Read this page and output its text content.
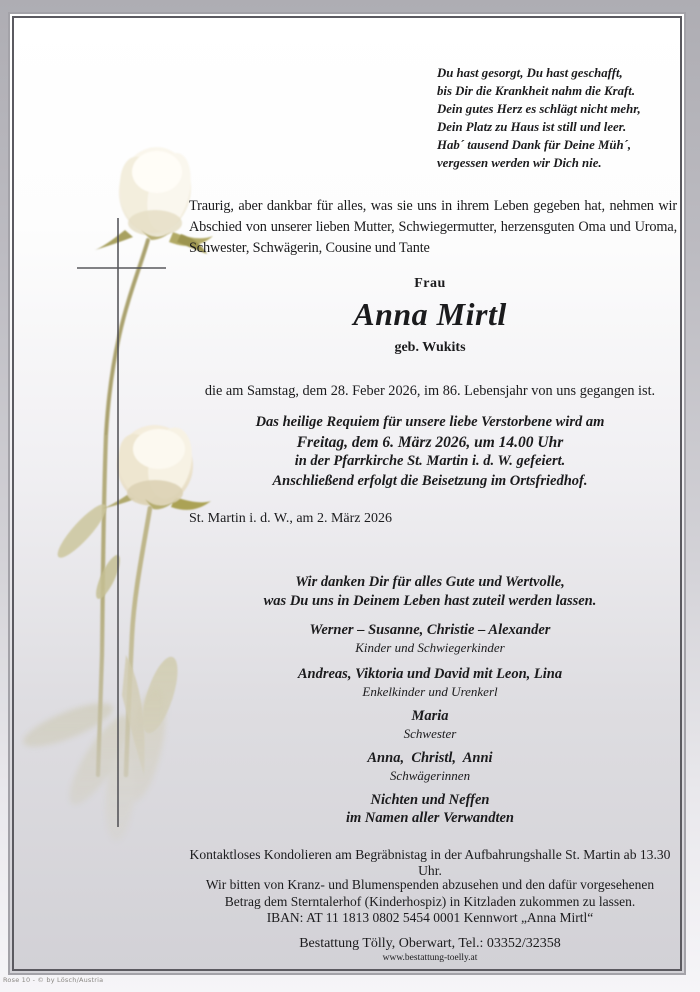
Du hast gesorgt, Du hast geschafft,
bis Dir die Krankheit nahm die Kraft.
Dein gutes Herz es schlägt nicht mehr,
Dein Platz zu Haus ist still und leer.
Hab´ tausend Dank für Deine Müh´,
vergessen werden wir Dich nie.

Traurig, aber dankbar für alles, was sie uns in ihrem Leben gegeben hat, nehmen wir Abschied von unserer lieben Mutter, Schwiegermutter, herzensguten Oma und Uroma, Schwester, Schwägerin, Cousine und Tante

Frau
Anna Mirtl
geb. Wukits
die am Samstag, dem 28. Feber 2026, im 86. Lebensjahr von uns gegangen ist.
Das heilige Requiem für unsere liebe Verstorbene wird am
Freitag, dem 6. März 2026, um 14.00 Uhr
in der Pfarrkirche St. Martin i. d. W. gefeiert.
Anschließend erfolgt die Beisetzung im Ortsfriedhof.
St. Martin i. d. W., am 2. März 2026
Wir danken Dir für alles Gute und Wertvolle,
was Du uns in Deinem Leben hast zuteil werden lassen.
Werner – Susanne, Christie – Alexander
Kinder und Schwiegerkinder
Andreas, Viktoria und David mit Leon, Lina
Enkelkinder und Urenkerl
Maria
Schwester
Anna,  Christl,  Anni
Schwägerinnen
Nichten und Neffen
im Namen aller Verwandten
Kontaktloses Kondolieren am Begräbnistag in der Aufbahrungshalle St. Martin ab 13.30 Uhr.
Wir bitten von Kranz- und Blumenspenden abzusehen und den dafür vorgesehenen
Betrag dem Sterntalerhof (Kinderhospiz) in Kitzladen zukommen zu lassen.
IBAN: AT 11 1813 0802 5454 0001 Kennwort „Anna Mirtl“
Bestattung Tölly, Oberwart, Tel.: 03352/32358
www.bestattung-toelly.at
Rose 10 - © by Lösch/Austria
